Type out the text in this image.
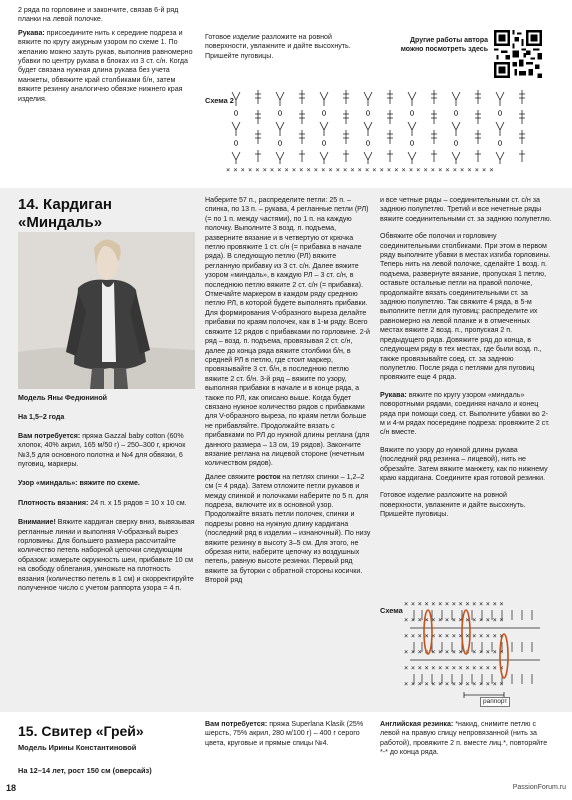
2 ряда по горловине и закончите, связав 6-й ряд планки на левой полочке.

Рукава: присоедините нить к середине подреза и вяжите по кругу ажурным узором по схеме 1. По желанию можно зазуть рукав, выполнив равномерно убавки по центру рукава в блоках из 3 ст. с/н. Когда будет связана нужная длина рукава без учета манжеты, обвяжите край столбиками б/н, затем вяжите резинку аналогично обвязке нижнего края изделия.

Готовое изделие разложите на ровной поверхности, увлажните и дайте высохнуть. Пришейте пуговицы.

Другие работы автора
можно посмотреть здесь
Схема 2
×××××××××××××××××××××××××××××××××××××
14. Кардиган
«Миндаль»

Модель Яны Федюниной

На 1,5–2 года

Вам потребуется: пряжа Gazzal baby cotton (60% хлопок, 40% акрил, 165 м/50 г) – 250–300 г, крючок №3,5 для основного полотна и №4 для обвязки, 6 пуговиц, маркеры.

Узор «миндаль»: вяжите по схеме.

Плотность вязания: 24 п. х 15 рядов = 10 х 10 см.

Внимание! Вяжите кардиган сверху вниз, вывязывая регланные линии и выполняя V-образный вырез горловины. Для большего размера рассчитайте количество петель наборной цепочки следующим образом: измерьте окружность шеи, прибавьте 10 см на свободу облегания, умножьте на плотность вязания (количество петель в 1 см) и скорректируйте полученное число с учетом раппорта узора = 4 п.

Наберите 57 п., распределите петли: 25 п. – спинка, по 13 п. – рукава, 4 регланные петли (РЛ) (= по 1 п. между частями), по 1 п. на каждую полочку. Выполните 3 возд. п. подъема, разверните вязание и в четвертую от крючка петлю провяжите 1 ст. с/н (= прибавка в начале ряда). В следующую петлю (РЛ) вяжите регланную прибавку из 3 ст. с/н. Далее вяжите узором «миндаль», в каждую РЛ – 3 ст. с/н, в последнюю петлю вяжите 2 ст. с/н (= прибавка). Отмечайте маркером в каждом ряду среднюю петлю РЛ, в которой будете выполнять прибавки. Для формирования V-образного выреза делайте прибавки по краям полочек, как в 1-м ряду. Всего свяжите 12 рядов с прибавками по горловине. 2-й ряд – возд. п. подъема, провязывая 2 ст. с/н, далее до конца ряда вяжите столбики б/н, в средней РЛ в петлю, где стоит маркер, провязывайте 3 ст. б/н, в последнюю петлю вяжите 2 ст. б/н. 3-й ряд – вяжите по узору, выполняя прибавки в начале и в конце ряда, а также по РЛ, как описано выше. Когда будет связано нужное количество рядов с прибавками для V-образного выреза, по краям петли больше не прибавляйте. Продолжайте вязать с прибавками по РЛ до нужной длины реглана (для данного размера – 13 см, 19 рядов). Закончите вязание реглана на лицевой стороне (нечетным количеством рядов).

Далее свяжите росток на петлях спинки – 1,2–2 см (= 4 ряда). Затем отложите петли рукавов и между спинкой и полочками наберите по 5 п. для подреза, включите их в основной узор. Продолжайте вязать петли полочек, спинки и подрезы ровно на нужную длину кардигана (последний ряд в изделии – изнаночный). По низу вяжите резинку в высоту 3–5 см. Для этого, не обрезая нити, наберите цепочку из воздушных петель, равную высоте резинки. Первый ряд вяжите за буторки с обратной стороны косички. Второй ряд

и все четные ряды – соединительными ст. с/н за заднюю полупетлю. Третий и все нечетные ряды вяжите соединительными ст. за заднюю полупетлю.

Обвяжите обе полочки и горловину соединительными столбиками. При этом в первом ряду выполните убавки в местах изгиба горловины. Теперь нить на левой полочке, сделайте 1 возд. п. подъема, развернуте вязание, пропуская 1 петлю, оставьте остальные петли на правой полочке, продолжайте вязать соединительными ст. за заднюю полупетлю. Так свяжите 4 ряда, в 5-м выполните петли для пуговиц: распределите их равномерно на левой планке и в отмеченных местах вяжите 2 возд. п., пропуская 2 п. предыдущего ряда. Довяжите ряд до конца, в следующем ряду в тех местах, где были возд. п., также провязывайте соед. ст. за заднюю полупетлю. После ряда с петлями для пуговиц провяжите еще 4 ряда.

Рукава: вяжите по кругу узором «миндаль» поворотными рядами, соединяя начало и конец ряда при помощи соед. ст. Выполните убавки во 2-м и 4-м рядах посередине подреза: провяжите 2 ст. с/н вместе.

Вяжите по узору до нужной длины рукава (последний ряд резинка – лицевой), нить не обрезайте. Затем вяжите манжету, как по нижнему краю кардигана. Соедините края готовой резинки.

Готовое изделие разложите на ровной поверхности, увлажните и дайте высохнуть. Пришейте пуговицы.

Схема
×××××××××××××××
×××××××××××××××
×××××××××××××××
×××××××××××××××
×××××××××××××××
×××××××××××××××
раппорт
15. Свитер «Грей»
Модель Ирины Константиновой
На 12–14 лет, рост 150 см (оверсайз)

Вам потребуется: пряжа Superlana Klasik (25% шерсть, 75% акрил, 280 м/100 г) – 400 г серого цвета, круговые и прямые спицы №4.

Английская резинка: *накид, снимите петлю с левой на правую спицу непровязанной (нить за работой), провяжите 2 п. вместе лиц.*, повторяйте *-* до конца ряда.

18	PassionForum.ru
